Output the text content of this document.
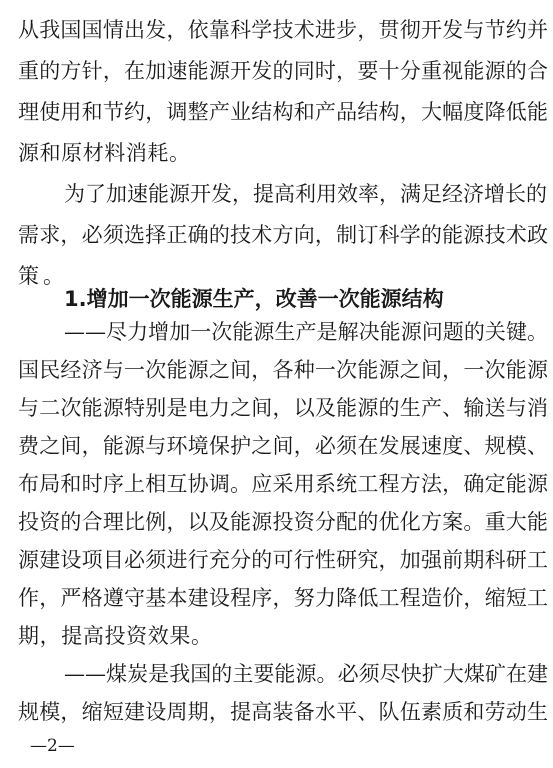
从我国国情出发，依靠科学技术进步，贯彻开发与节约并
重的方针，在加速能源开发的同时，要十分重视能源的合
理使用和节约，调整产业结构和产品结构，大幅度降低能
源和原材料消耗。
为了加速能源开发，提高利用效率，满足经济增长的
需求，必须选择正确的技术方向，制订科学的能源技术政
策。
1.增加一次能源生产，改善一次能源结构
——尽力增加一次能源生产是解决能源问题的关键。
国民经济与一次能源之间，各种一次能源之间，一次能源
与二次能源特别是电力之间，以及能源的生产、输送与消
费之间，能源与环境保护之间，必须在发展速度、规模、
布局和时序上相互协调。应采用系统工程方法，确定能源
投资的合理比例，以及能源投资分配的优化方案。重大能
源建设项目必须进行充分的可行性研究，加强前期科研工
作，严格遵守基本建设程序，努力降低工程造价，缩短工
期，提高投资效果。
—2—
——煤炭是我国的主要能源。必须尽快扩大煤矿在建
规模，缩短建设周期，提高装备水平、队伍素质和劳动生
